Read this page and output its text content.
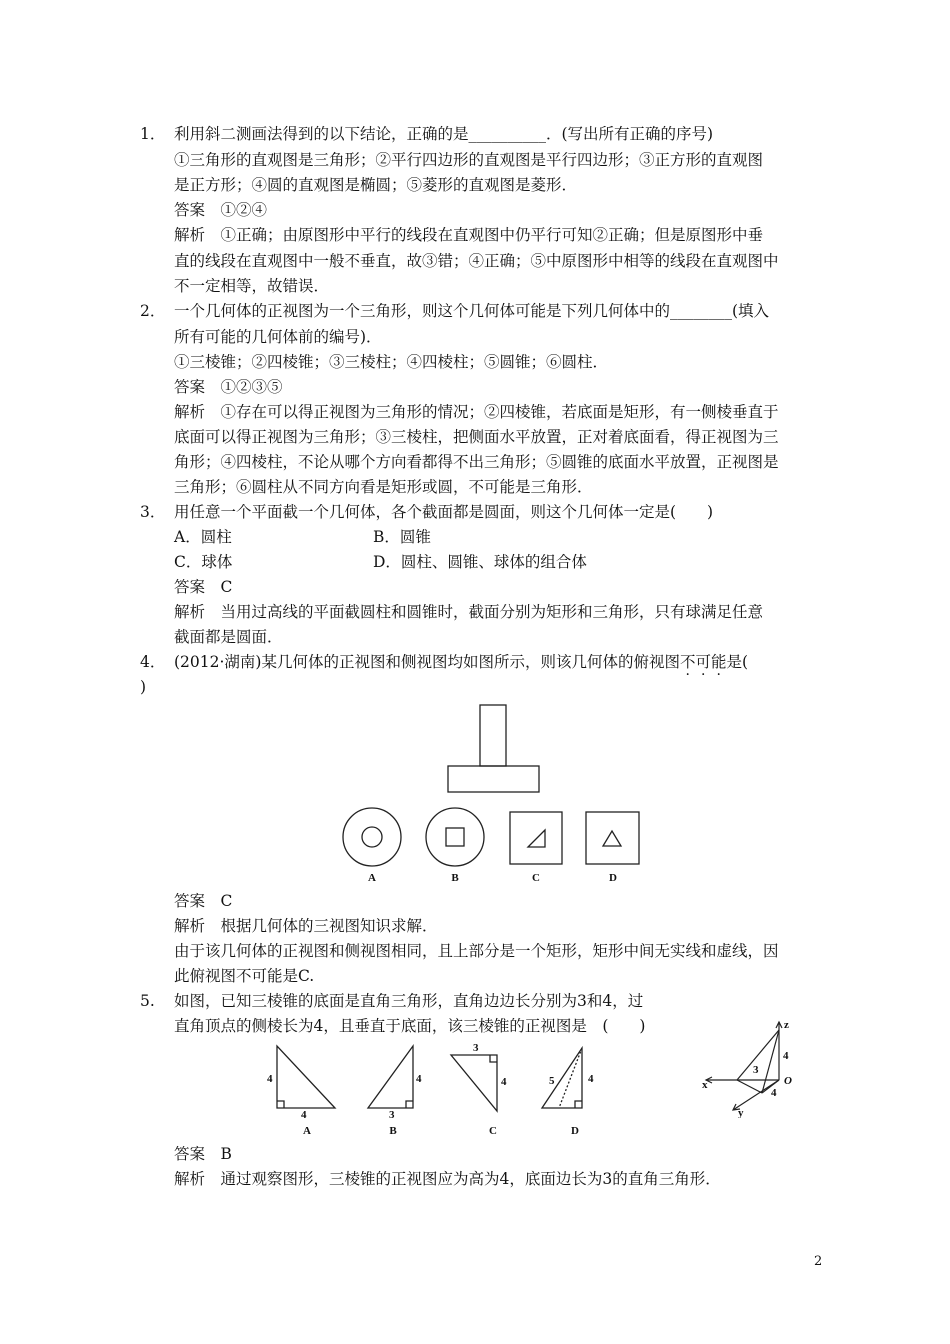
1． 利用斜二测画法得到的以下结论，正确的是__________．(写出所有正确的序号)
①三角形的直观图是三角形；②平行四边形的直观图是平行四边形；③正方形的直观图
是正方形；④圆的直观图是椭圆；⑤菱形的直观图是菱形．
答案　①②④
解析　①正确；由原图形中平行的线段在直观图中仍平行可知②正确；但是原图形中垂
直的线段在直观图中一般不垂直，故③错；④正确；⑤中原图形中相等的线段在直观图中
不一定相等，故错误．
2． 一个几何体的正视图为一个三角形，则这个几何体可能是下列几何体中的________(填入
所有可能的几何体前的编号)．
①三棱锥；②四棱锥；③三棱柱；④四棱柱；⑤圆锥；⑥圆柱．
答案　①②③⑤
解析　①存在可以得正视图为三角形的情况；②四棱锥，若底面是矩形，有一侧棱垂直于
底面可以得正视图为三角形；③三棱柱，把侧面水平放置，正对着底面看，得正视图为三
角形；④四棱柱，不论从哪个方向看都得不出三角形；⑤圆锥的底面水平放置，正视图是
三角形；⑥圆柱从不同方向看是矩形或圆，不可能是三角形．
3． 用任意一个平面截一个几何体，各个截面都是圆面，则这个几何体一定是(　　)
A．圆柱	B．圆锥
C．球体	D．圆柱、圆锥、球体的组合体
答案　C
解析　当用过高线的平面截圆柱和圆锥时，截面分别为矩形和三角形，只有球满足任意
截面都是圆面．
4． (2012·湖南)某几何体的正视图和侧视图均如图所示，则该几何体的俯视图不可能是(
)
A	B	C	D
答案　C
解析　根据几何体的三视图知识求解．
由于该几何体的正视图和侧视图相同，且上部分是一个矩形，矩形中间无实线和虚线，因
此俯视图不可能是C.
5. 如图，已知三棱锥的底面是直角三角形，直角边边长分别为3和4，过
直角顶点的侧棱长为4，且垂直于底面，该三棱锥的正视图是　(　　)
4
4
4
3
3
4	5	4
A	B	C	D
z
x
y
O
3
4
4
答案　B
解析　通过观察图形，三棱锥的正视图应为高为4，底面边长为3的直角三角形．
2
